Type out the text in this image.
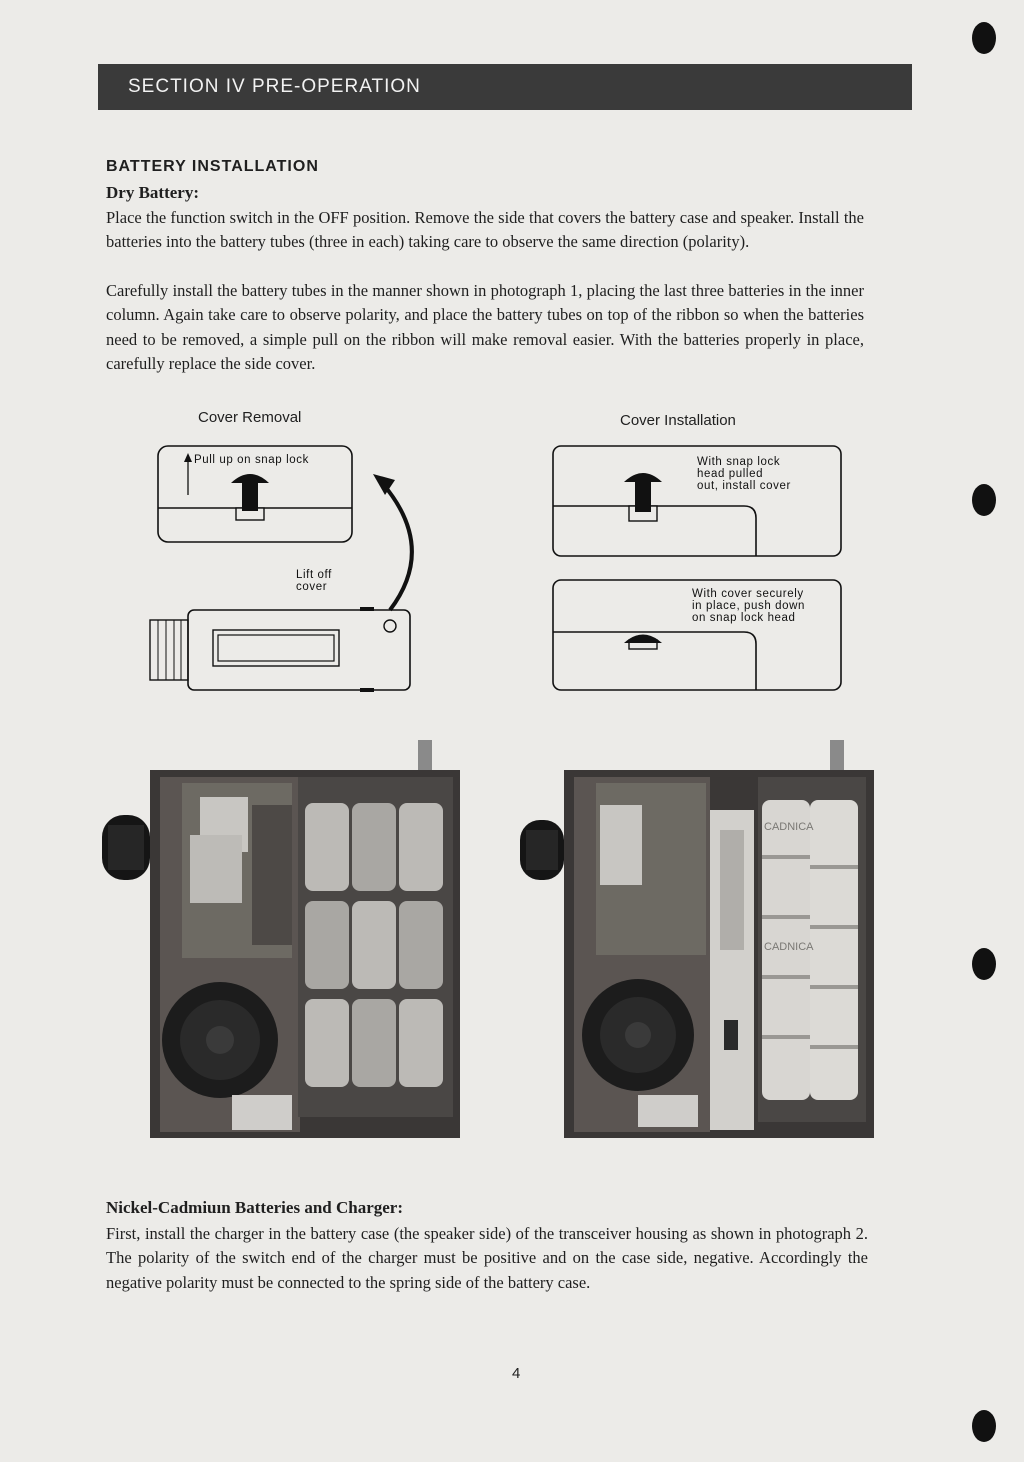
SECTION IV PRE-OPERATION
BATTERY INSTALLATION
Dry Battery:

Place the function switch in the OFF position. Remove the side that covers the battery case and speaker. Install the batteries into the battery tubes (three in each) taking care to observe the same direction (polarity).

Carefully install the battery tubes in the manner shown in photograph 1, placing the last three batteries in the inner column. Again take care to observe polarity, and place the battery tubes on top of the ribbon so when the batteries need to be removed, a simple pull on the ribbon will make removal easier. With the batteries properly in place, carefully replace the side cover.

Cover Removal	Cover Installation
Pull up on snap lock
Lift off
cover
With snap lock
head pulled
out, install cover
With cover securely
in place, push down
on snap lock head
CADNICA
CADNICA
Nickel-Cadmiuın Batteries and Charger:

First, install the charger in the battery case (the speaker side) of the transceiver housing as shown in photograph 2. The polarity of the switch end of the charger must be positive and on the case side, negative. Accordingly the negative polarity must be connected to the spring side of the battery case.

4
